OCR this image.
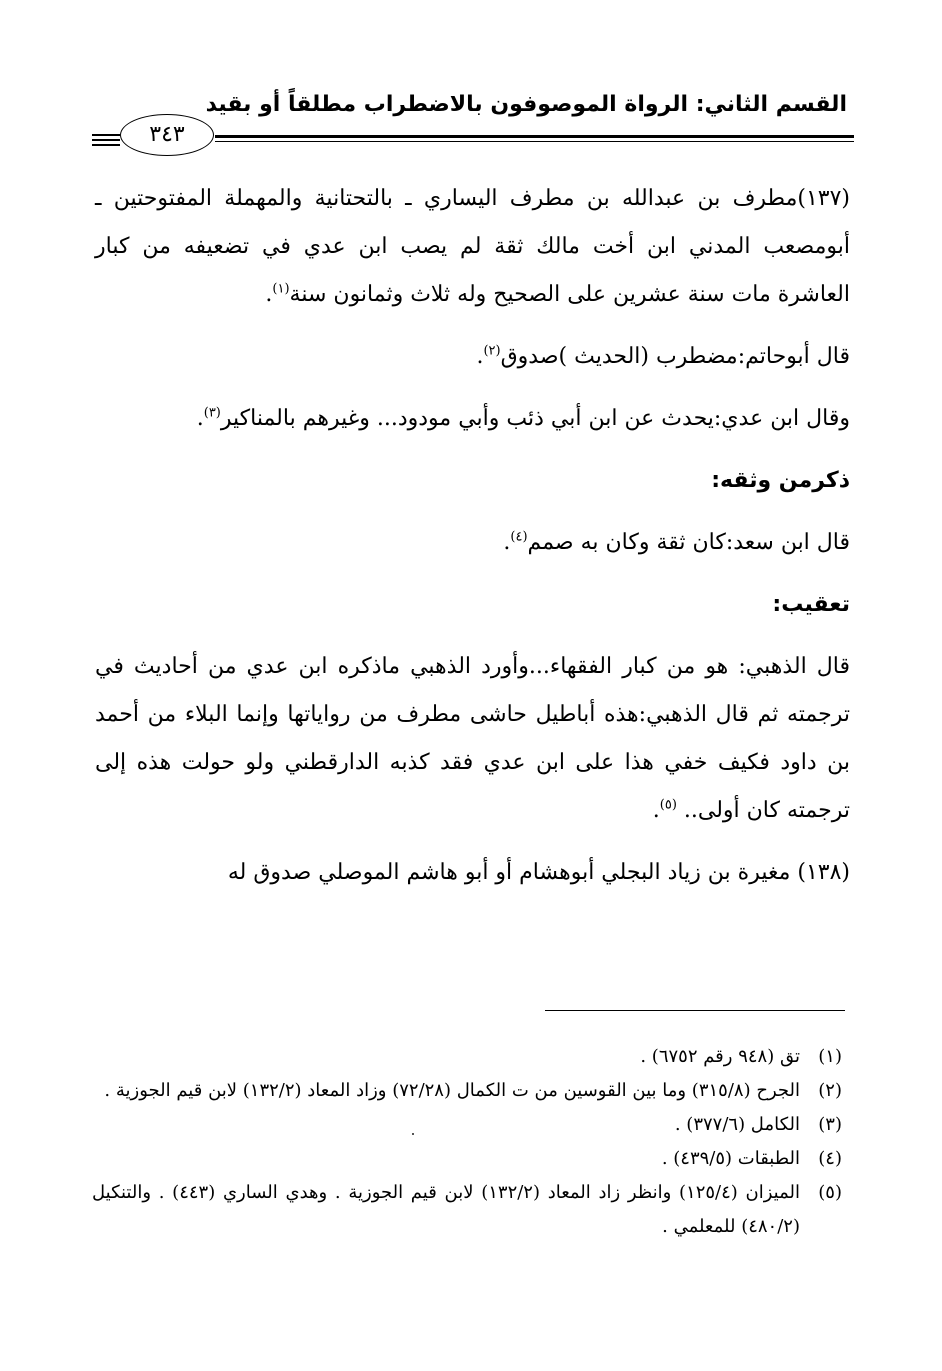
القسم الثاني: الرواة الموصوفون بالاضطراب مطلقاً أو بقيد
٣٤٣

(١٣٧)مطرف بن عبدالله بن مطرف اليساري ـ بالتحتانية والمهملة المفتوحتين ـ أبومصعب المدني ابن أخت مالك ثقة لم يصب ابن عدي في تضعيفه من كبار العاشرة مات سنة عشرين على الصحيح وله ثلاث وثمانون سنة$^{(١)}$.

قال أبوحاتم:مضطرب (الحديث )صدوق$^{(٢)}$.

وقال ابن عدي:يحدث عن ابن أبي ذئب وأبي مودود... وغيرهم بالمناكير$^{(٣)}$.

ذكرمن وثقه:

قال ابن سعد:كان ثقة وكان به صمم$^{(٤)}$.

تعقيب:

قال الذهبي: هو من كبار الفقهاء...وأورد الذهبي ماذكره ابن عدي من أحاديث في ترجمته ثم قال الذهبي:هذه أباطيل حاشى مطرف من رواياتها وإنما البلاء من أحمد بن داود فكيف خفي هذا على ابن عدي فقد كذبه الدارقطني ولو حولت هذه إلى ترجمته كان أولى.. $^{(٥)}$.

(١٣٨) مغيرة بن زياد البجلي أبوهشام أو أبو هاشم الموصلي صدوق له

(١)
تق (٩٤٨ رقم ٦٧٥٢) .

(٢)
الجرح (٣١٥/٨) وما بين القوسين من ت الكمال (٧٢/٢٨) وزاد المعاد (١٣٢/٢) لابن قيم الجوزية .

(٣)
الكامل (٣٧٧/٦) .

(٤)
الطبقات (٤٣٩/٥) .

(٥)
الميزان (١٢٥/٤) وانظر زاد المعاد (١٣٢/٢) لابن قيم الجوزية . وهدي الساري (٤٤٣) . والتنكيل (٤٨٠/٢) للمعلمي .
